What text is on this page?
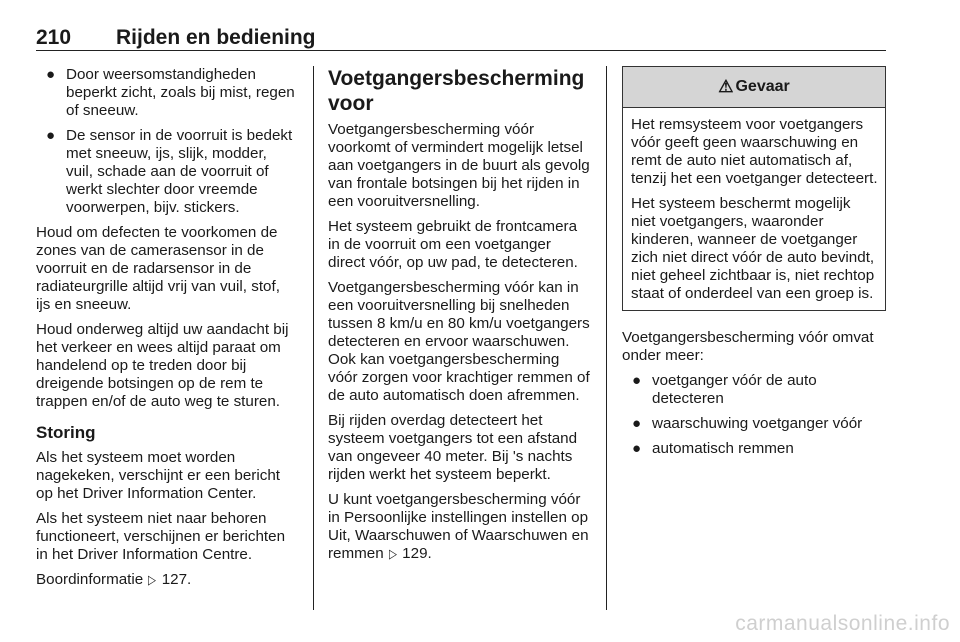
210 Rijden en bediening
● Door weersomstandigheden beperkt zicht, zoals bij mist, regen of sneeuw.
● De sensor in de voorruit is bedekt met sneeuw, ijs, slijk, modder, vuil, schade aan de voorruit of werkt slechter door vreemde voorwerpen, bijv. stickers.

Houd om defecten te voorkomen de zones van de camerasensor in de voorruit en de radarsensor in de radiateurgrille altijd vrij van vuil, stof, ijs en sneeuw.

Houd onderweg altijd uw aandacht bij het verkeer en wees altijd paraat om handelend op te treden door bij dreigende botsingen op de rem te trappen en/of de auto weg te sturen.

Storing

Als het systeem moet worden nagekeken, verschijnt er een bericht op het Driver Information Center.

Als het systeem niet naar behoren functioneert, verschijnen er berichten in het Driver Information Centre.

Boordinformatie ▷ 127.

Voetgangersbescherming voor

Voetgangersbescherming vóór voorkomt of vermindert mogelijk letsel aan voetgangers in de buurt als gevolg van frontale botsingen bij het rijden in een vooruitversnelling.

Het systeem gebruikt de frontcamera in de voorruit om een voetganger direct vóór, op uw pad, te detecteren.

Voetgangersbescherming vóór kan in een vooruitversnelling bij snelheden tussen 8 km/u en 80 km/u voetgangers detecteren en ervoor waarschuwen. Ook kan voetgangersbescherming vóór zorgen voor krachtiger remmen of de auto automatisch doen afremmen.

Bij rijden overdag detecteert het systeem voetgangers tot een afstand van ongeveer 40 meter. Bij 's nachts rijden werkt het systeem beperkt.

U kunt voetgangersbescherming vóór in Persoonlijke instellingen instellen op Uit, Waarschuwen of Waarschuwen en remmen ▷ 129.

⚠ Gevaar

Het remsysteem voor voetgangers vóór geeft geen waarschuwing en remt de auto niet automatisch af, tenzij het een voetganger detecteert.

Het systeem beschermt mogelijk niet voetgangers, waaronder kinderen, wanneer de voetganger zich niet direct vóór de auto bevindt, niet geheel zichtbaar is, niet rechtop staat of onderdeel van een groep is.

Voetgangersbescherming vóór omvat onder meer:

● voetganger vóór de auto detecteren
● waarschuwing voetganger vóór
● automatisch remmen
carmanualsonline.info
